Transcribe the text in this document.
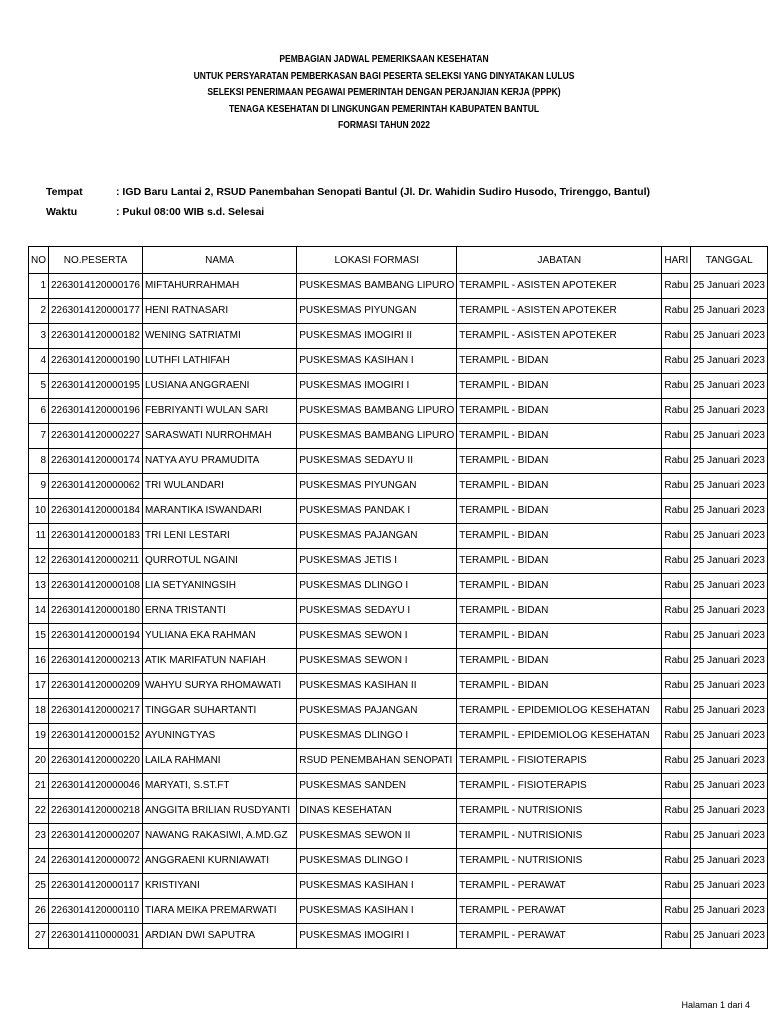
PEMBAGIAN JADWAL PEMERIKSAAN KESEHATAN
UNTUK PERSYARATAN PEMBERKASAN BAGI PESERTA SELEKSI YANG DINYATAKAN LULUS
SELEKSI PENERIMAAN PEGAWAI PEMERINTAH DENGAN PERJANJIAN KERJA (PPPK)
TENAGA KESEHATAN DI LINGKUNGAN PEMERINTAH KABUPATEN BANTUL
FORMASI TAHUN 2022
Tempat	: IGD Baru Lantai 2, RSUD Panembahan Senopati Bantul (Jl. Dr. Wahidin Sudiro Husodo, Trirenggo, Bantul)
Waktu	: Pukul 08:00 WIB s.d. Selesai
NO	NO.PESERTA	NAMA	LOKASI FORMASI	JABATAN	HARI	TANGGAL
1	2263014120000176	MIFTAHURRAHMAH	PUSKESMAS BAMBANG LIPURO	TERAMPIL - ASISTEN APOTEKER	Rabu	25 Januari 2023
2	2263014120000177	HENI RATNASARI	PUSKESMAS PIYUNGAN	TERAMPIL - ASISTEN APOTEKER	Rabu	25 Januari 2023
3	2263014120000182	WENING SATRIATMI	PUSKESMAS IMOGIRI II	TERAMPIL - ASISTEN APOTEKER	Rabu	25 Januari 2023
4	2263014120000190	LUTHFI LATHIFAH	PUSKESMAS KASIHAN I	TERAMPIL - BIDAN	Rabu	25 Januari 2023
5	2263014120000195	LUSIANA ANGGRAENI	PUSKESMAS IMOGIRI I	TERAMPIL - BIDAN	Rabu	25 Januari 2023
6	2263014120000196	FEBRIYANTI WULAN SARI	PUSKESMAS BAMBANG LIPURO	TERAMPIL - BIDAN	Rabu	25 Januari 2023
7	2263014120000227	SARASWATI NURROHMAH	PUSKESMAS BAMBANG LIPURO	TERAMPIL - BIDAN	Rabu	25 Januari 2023
8	2263014120000174	NATYA AYU PRAMUDITA	PUSKESMAS SEDAYU II	TERAMPIL - BIDAN	Rabu	25 Januari 2023
9	2263014120000062	TRI WULANDARI	PUSKESMAS PIYUNGAN	TERAMPIL - BIDAN	Rabu	25 Januari 2023
10	2263014120000184	MARANTIKA ISWANDARI	PUSKESMAS PANDAK I	TERAMPIL - BIDAN	Rabu	25 Januari 2023
11	2263014120000183	TRI LENI LESTARI	PUSKESMAS PAJANGAN	TERAMPIL - BIDAN	Rabu	25 Januari 2023
12	2263014120000211	QURROTUL NGAINI	PUSKESMAS JETIS I	TERAMPIL - BIDAN	Rabu	25 Januari 2023
13	2263014120000108	LIA SETYANINGSIH	PUSKESMAS DLINGO I	TERAMPIL - BIDAN	Rabu	25 Januari 2023
14	2263014120000180	ERNA TRISTANTI	PUSKESMAS SEDAYU I	TERAMPIL - BIDAN	Rabu	25 Januari 2023
15	2263014120000194	YULIANA EKA RAHMAN	PUSKESMAS SEWON I	TERAMPIL - BIDAN	Rabu	25 Januari 2023
16	2263014120000213	ATIK MARIFATUN NAFIAH	PUSKESMAS SEWON I	TERAMPIL - BIDAN	Rabu	25 Januari 2023
17	2263014120000209	WAHYU SURYA RHOMAWATI	PUSKESMAS KASIHAN II	TERAMPIL - BIDAN	Rabu	25 Januari 2023
18	2263014120000217	TINGGAR SUHARTANTI	PUSKESMAS PAJANGAN	TERAMPIL - EPIDEMIOLOG KESEHATAN	Rabu	25 Januari 2023
19	2263014120000152	AYUNINGTYAS	PUSKESMAS DLINGO I	TERAMPIL - EPIDEMIOLOG KESEHATAN	Rabu	25 Januari 2023
20	2263014120000220	LAILA RAHMANI	RSUD PENEMBAHAN SENOPATI	TERAMPIL - FISIOTERAPIS	Rabu	25 Januari 2023
21	2263014120000046	MARYATI, S.ST.FT	PUSKESMAS SANDEN	TERAMPIL - FISIOTERAPIS	Rabu	25 Januari 2023
22	2263014120000218	ANGGITA BRILIAN RUSDYANTI	DINAS KESEHATAN	TERAMPIL - NUTRISIONIS	Rabu	25 Januari 2023
23	2263014120000207	NAWANG RAKASIWI, A.MD.GZ	PUSKESMAS SEWON II	TERAMPIL - NUTRISIONIS	Rabu	25 Januari 2023
24	2263014120000072	ANGGRAENI KURNIAWATI	PUSKESMAS DLINGO I	TERAMPIL - NUTRISIONIS	Rabu	25 Januari 2023
25	2263014120000117	KRISTIYANI	PUSKESMAS KASIHAN I	TERAMPIL - PERAWAT	Rabu	25 Januari 2023
26	2263014120000110	TIARA MEIKA PREMARWATI	PUSKESMAS KASIHAN I	TERAMPIL - PERAWAT	Rabu	25 Januari 2023
27	2263014110000031	ARDIAN DWI SAPUTRA	PUSKESMAS IMOGIRI I	TERAMPIL - PERAWAT	Rabu	25 Januari 2023
Halaman 1 dari 4
